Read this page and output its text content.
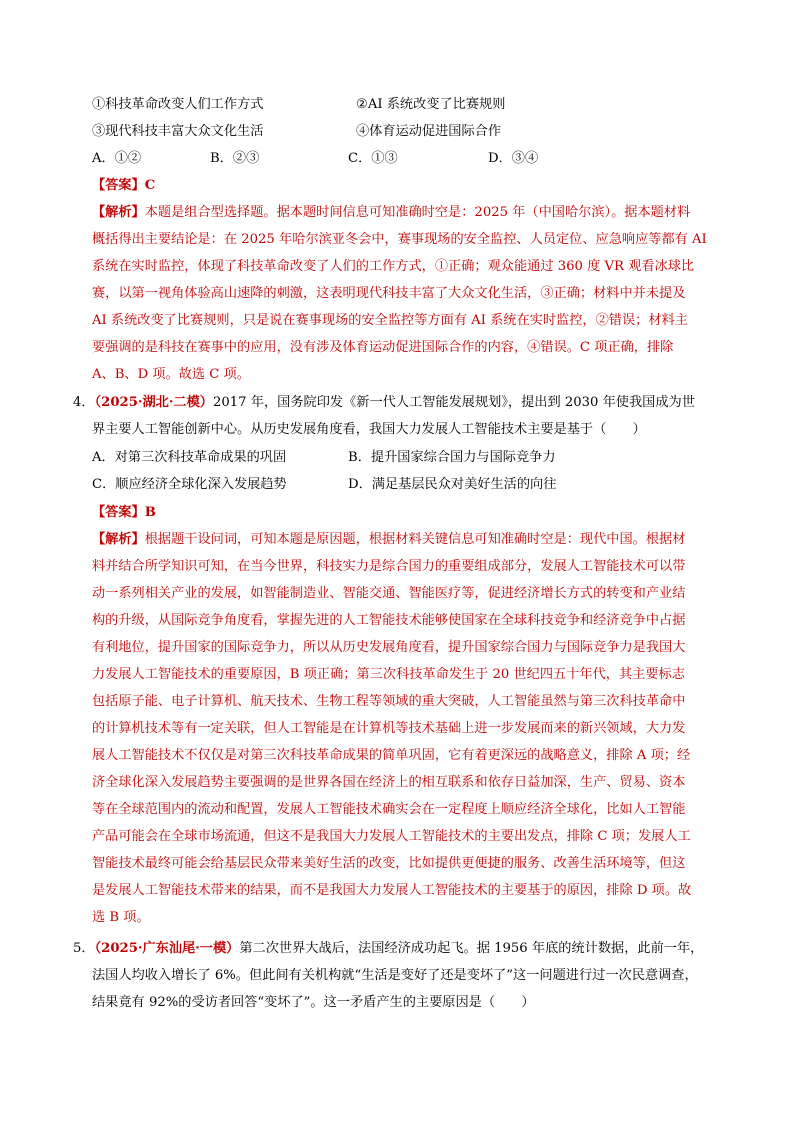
①科技革命改变人们工作方式	②AI 系统改变了比赛规则
③现代科技丰富大众文化生活	④体育运动促进国际合作
A．①②	B．②③	C．①③	D．③④
【答案】C
【解析】本题是组合型选择题。据本题时间信息可知准确时空是：2025 年（中国哈尔滨）。据本题材料
概括得出主要结论是：在 2025 年哈尔滨亚冬会中，赛事现场的安全监控、人员定位、应急响应等都有 AI
系统在实时监控，体现了科技革命改变了人们的工作方式，①正确；观众能通过 360 度 VR 观看冰球比
赛，以第一视角体验高山速降的刺激，这表明现代科技丰富了大众文化生活，③正确；材料中并未提及
AI 系统改变了比赛规则，只是说在赛事现场的安全监控等方面有 AI 系统在实时监控，②错误；材料主
要强调的是科技在赛事中的应用，没有涉及体育运动促进国际合作的内容，④错误。C 项正确，排除
A、B、D 项。故选 C 项。
4．（2025·湖北·二模）2017 年，国务院印发《新一代人工智能发展规划》，提出到 2030 年使我国成为世
界主要人工智能创新中心。从历史发展角度看，我国大力发展人工智能技术主要是基于（　　）
A．对第三次科技革命成果的巩固	B．提升国家综合国力与国际竞争力
C．顺应经济全球化深入发展趋势	D．满足基层民众对美好生活的向往
【答案】B
【解析】根据题干设问词，可知本题是原因题，根据材料关键信息可知准确时空是：现代中国。根据材
料并结合所学知识可知，在当今世界，科技实力是综合国力的重要组成部分，发展人工智能技术可以带
动一系列相关产业的发展，如智能制造业、智能交通、智能医疗等，促进经济增长方式的转变和产业结
构的升级，从国际竞争角度看，掌握先进的人工智能技术能够使国家在全球科技竞争和经济竞争中占据
有利地位，提升国家的国际竞争力，所以从历史发展角度看，提升国家综合国力与国际竞争力是我国大
力发展人工智能技术的重要原因，B 项正确；第三次科技革命发生于 20 世纪四五十年代，其主要标志
包括原子能、电子计算机、航天技术、生物工程等领域的重大突破，人工智能虽然与第三次科技革命中
的计算机技术等有一定关联，但人工智能是在计算机等技术基础上进一步发展而来的新兴领域，大力发
展人工智能技术不仅仅是对第三次科技革命成果的简单巩固，它有着更深远的战略意义，排除 A 项；经
济全球化深入发展趋势主要强调的是世界各国在经济上的相互联系和依存日益加深，生产、贸易、资本
等在全球范围内的流动和配置，发展人工智能技术确实会在一定程度上顺应经济全球化，比如人工智能
产品可能会在全球市场流通，但这不是我国大力发展人工智能技术的主要出发点，排除 C 项；发展人工
智能技术最终可能会给基层民众带来美好生活的改变，比如提供更便捷的服务、改善生活环境等，但这
是发展人工智能技术带来的结果，而不是我国大力发展人工智能技术的主要基于的原因，排除 D 项。故
选 B 项。
5．（2025·广东汕尾·一模）第二次世界大战后，法国经济成功起飞。据 1956 年底的统计数据，此前一年，
法国人均收入增长了 6%。但此间有关机构就“生活是变好了还是变坏了”这一问题进行过一次民意调查，
结果竟有 92%的受访者回答“变坏了”。这一矛盾产生的主要原因是（　　）
